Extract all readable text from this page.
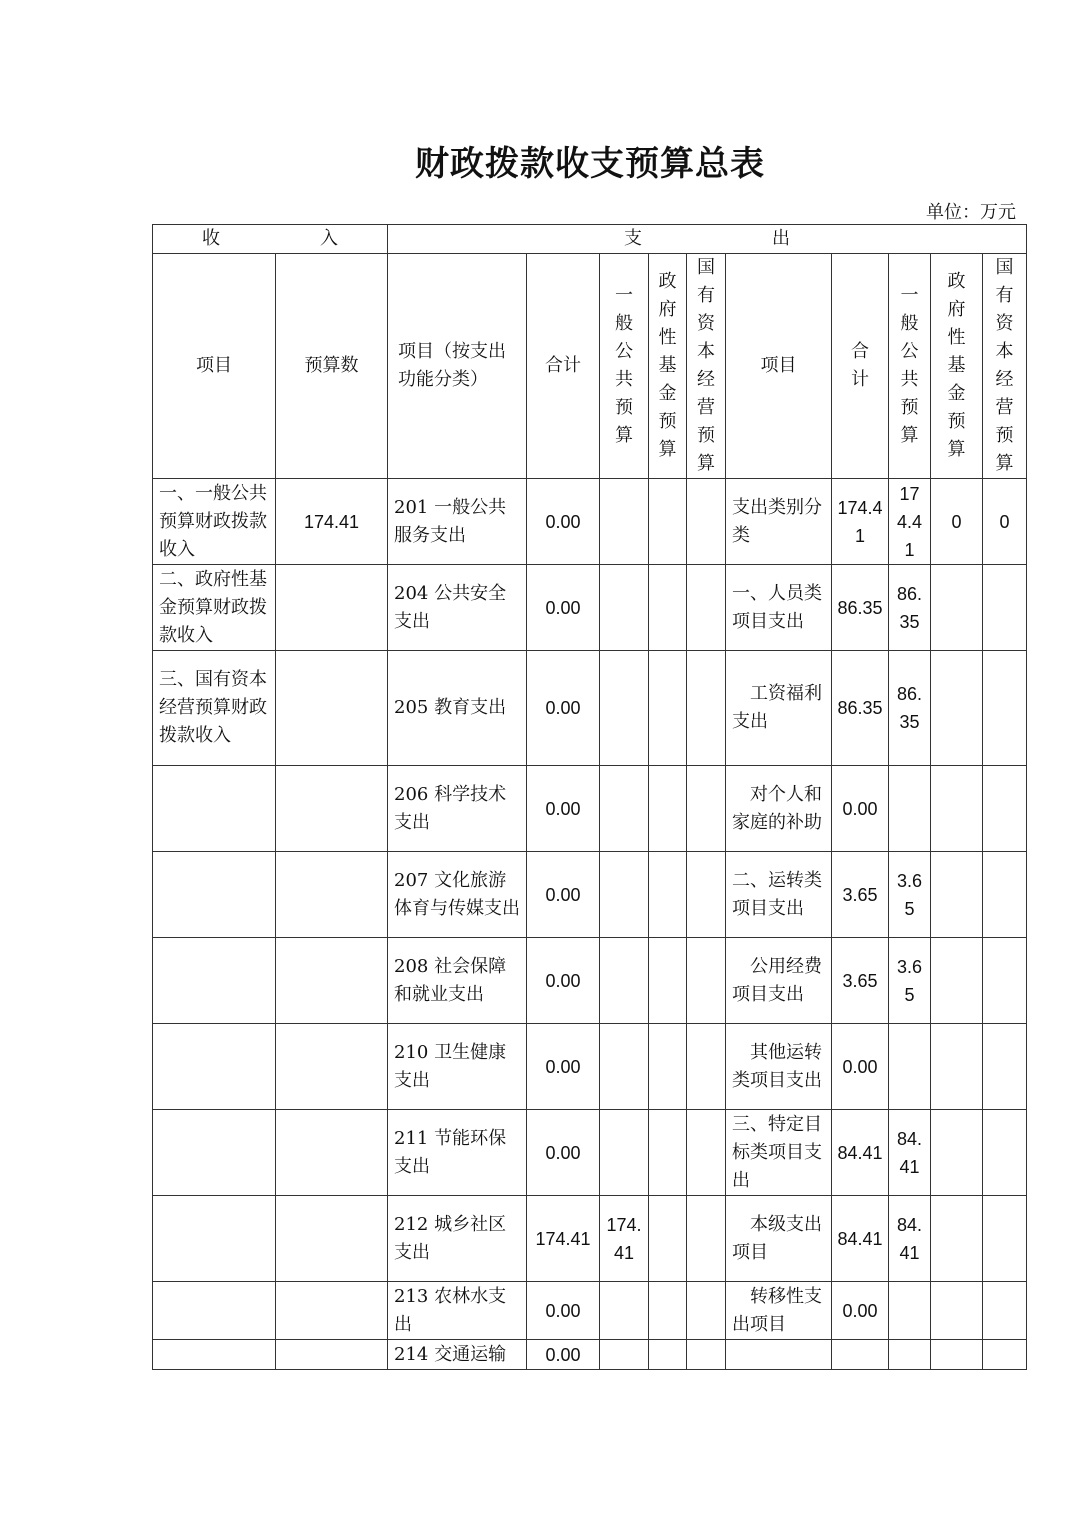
财政拨款收支预算总表
单位：万元
收 入		支 出									
项目	预算数	项目（按支出功能分类）	合计	一般公共预算	政府性基金预算	国有资本经营预算	项目	合 计	一般公共预算	政府性基金预算	国有资本经营预算
一、一般公共预算财政拨款收入	174.41	201 一般公共服务支出	0.00				支出类别分类	174.41	174.41	0	0
二、政府性基金预算财政拨款收入		204 公共安全支出	0.00				一、人员类项目支出	86.35	86.35		
三、国有资本经营预算财政拨款收入		205 教育支出	0.00				　工资福利支出	86.35	86.35		
		206 科学技术支出	0.00				　对个人和家庭的补助	0.00			
		207 文化旅游体育与传媒支出	0.00				二、运转类项目支出	3.65	3.65		
		208 社会保障和就业支出	0.00				　公用经费项目支出	3.65	3.65		
		210 卫生健康支出	0.00				　其他运转类项目支出	0.00			
		211 节能环保支出	0.00				三、特定目标类项目支出	84.41	84.41		
		212 城乡社区支出	174.41	174.41			　本级支出项目	84.41	84.41		
		213 农林水支出	0.00				　转移性支出项目	0.00			
		214 交通运输	0.00								
